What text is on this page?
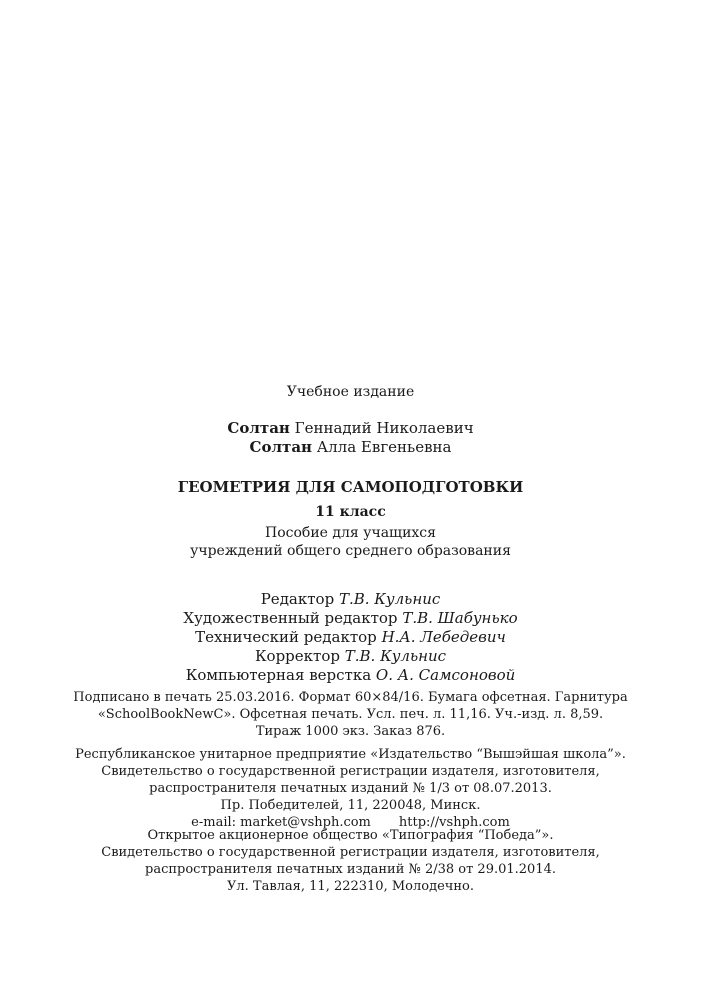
Учебное издание
Солтан Геннадий Николаевич
Солтан Алла Евгеньевна
ГЕОМЕТРИЯ ДЛЯ САМОПОДГОТОВКИ
11 класс
Пособие для учащихся
учреждений общего среднего образования
Редактор Т.В. Кульнис
Художественный редактор Т.В. Шабунько
Технический редактор Н.А. Лебедевич
Корректор Т.В. Кульнис
Компьютерная верстка О. А. Самсоновой
Подписано в печать 25.03.2016. Формат 60×84/16. Бумага офсетная. Гарнитура
«SchoolBookNewC». Офсетная печать. Усл. печ. л. 11,16. Уч.-изд. л. 8,59.
Тираж 1000 экз. Заказ 876.
Республиканское унитарное предприятие «Издательство “Вышэйшая школа”».
Свидетельство о государственной регистрации издателя, изготовителя,
распространителя печатных изданий № 1/3 от 08.07.2013.
Пр. Победителей, 11, 220048, Минск.
e-mail: market@vshph.com http://vshph.com
Открытое акционерное общество «Типография “Победа”».
Свидетельство о государственной регистрации издателя, изготовителя,
распространителя печатных изданий № 2/38 от 29.01.2014.
Ул. Тавлая, 11, 222310, Молодечно.
